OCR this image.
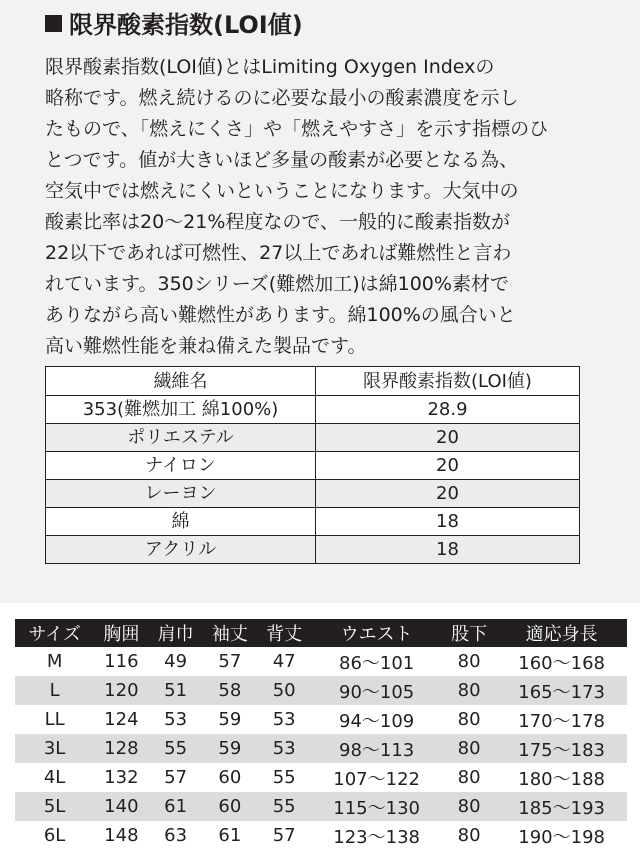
限界酸素指数(LOI値)
限界酸素指数(LOI値)とはLimiting Oxygen Indexの
略称です。燃え続けるのに必要な最小の酸素濃度を示し
たもので、「燃えにくさ」や「燃えやすさ」を示す指標のひ
とつです。値が大きいほど多量の酸素が必要となる為、
空気中では燃えにくいということになります。大気中の
酸素比率は20〜21%程度なので、一般的に酸素指数が
22以下であれば可燃性、27以上であれば難燃性と言わ
れています。350シリーズ(難燃加工)は綿100%素材で
ありながら高い難燃性があります。綿100%の風合いと
高い難燃性能を兼ね備えた製品です。
繊維名	限界酸素指数(LOI値)
353(難燃加工 綿100%)	28.9
ポリエステル	20
ナイロン	20
レーヨン	20
綿	18
アクリル	18
サイズ	胸囲	肩巾	袖丈	背丈	ウエスト	股下	適応身長
M	116	49	57	47	86〜101	80	160〜168
L	120	51	58	50	90〜105	80	165〜173
LL	124	53	59	53	94〜109	80	170〜178
3L	128	55	59	53	98〜113	80	175〜183
4L	132	57	60	55	107〜122	80	180〜188
5L	140	61	60	55	115〜130	80	185〜193
6L	148	63	61	57	123〜138	80	190〜198
